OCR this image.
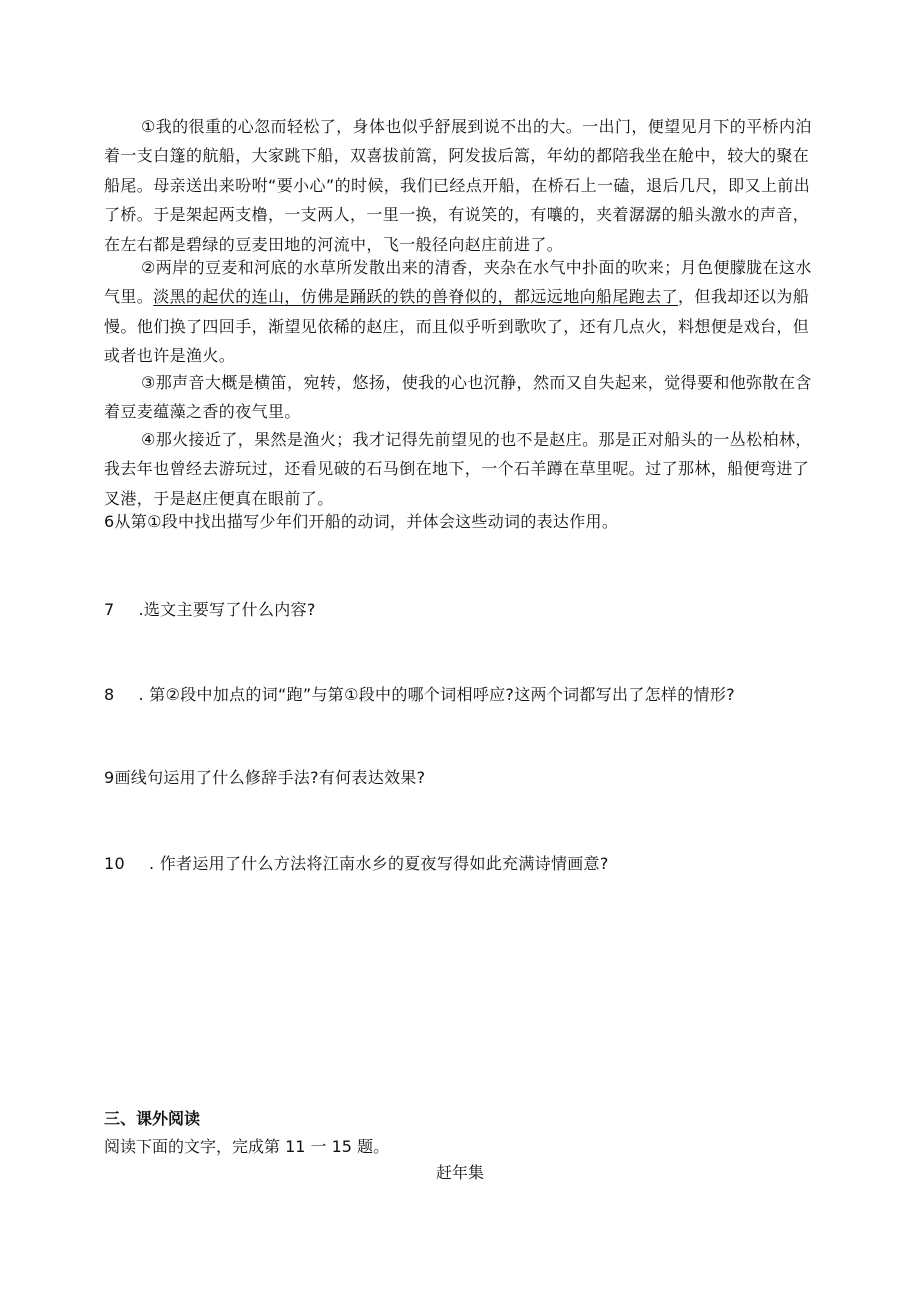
①我的很重的心忽而轻松了，身体也似乎舒展到说不出的大。一出门，便望见月下的平桥内泊着一支白篷的航船，大家跳下船，双喜拔前篙，阿发拔后篙，年幼的都陪我坐在舱中，较大的聚在船尾。母亲送出来吩咐“要小心”的时候，我们已经点开船，在桥石上一磕，退后几尺，即又上前出了桥。于是架起两支橹，一支两人，一里一换，有说笑的，有嚷的，夹着潺潺的船头激水的声音，在左右都是碧绿的豆麦田地的河流中，飞一般径向赵庄前进了。

②两岸的豆麦和河底的水草所发散出来的清香，夹杂在水气中扑面的吹来；月色便朦胧在这水气里。淡黑的起伏的连山，仿佛是踊跃的铁的兽脊似的，都远远地向船尾跑去了，但我却还以为船慢。他们换了四回手，渐望见依稀的赵庄，而且似乎听到歌吹了，还有几点火，料想便是戏台，但或者也许是渔火。

③那声音大概是横笛，宛转，悠扬，使我的心也沉静，然而又自失起来，觉得要和他弥散在含着豆麦蕴藻之香的夜气里。

④那火接近了，果然是渔火；我才记得先前望见的也不是赵庄。那是正对船头的一丛松柏林，我去年也曾经去游玩过，还看见破的石马倒在地下，一个石羊蹲在草里呢。过了那林，船便弯进了叉港，于是赵庄便真在眼前了。

6从第①段中找出描写少年们开船的动词，并体会这些动词的表达作用。

7 .选文主要写了什么内容?

8 . 第②段中加点的词“跑”与第①段中的哪个词相呼应?这两个词都写出了怎样的情形?

9画线句运用了什么修辞手法?有何表达效果?

10 . 作者运用了什么方法将江南水乡的夏夜写得如此充满诗情画意?

三、课外阅读

阅读下面的文字，完成第 11 一 15 题。

赶年集
